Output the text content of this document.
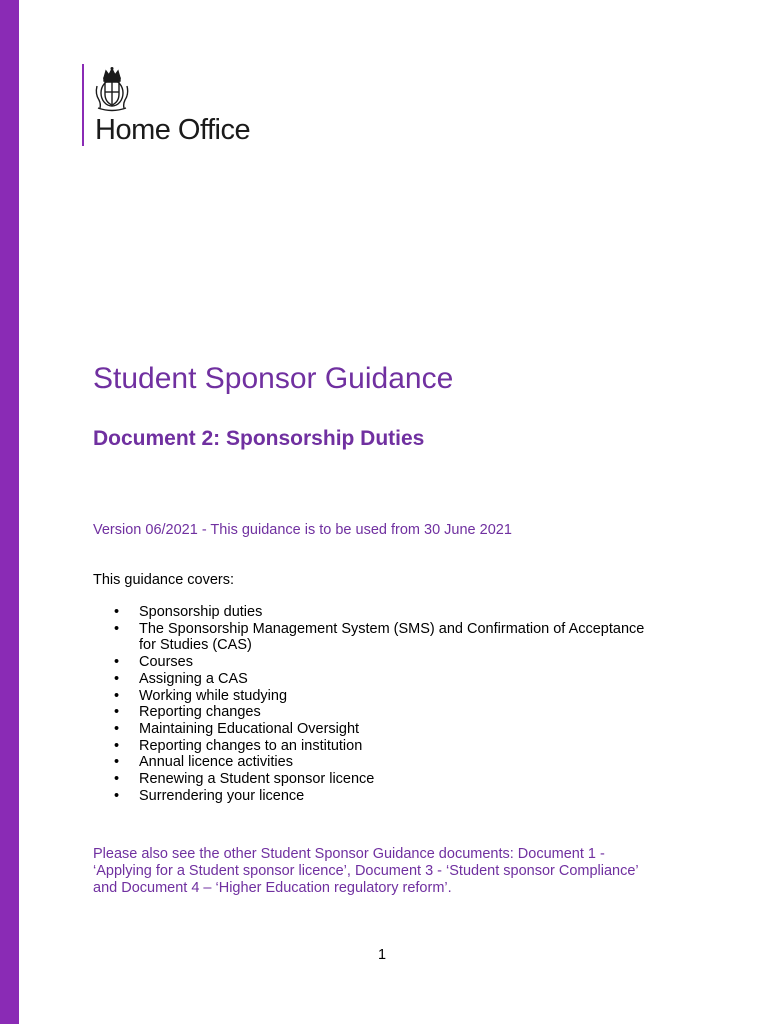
Home Office
Student Sponsor Guidance
Document 2: Sponsorship Duties
Version 06/2021 - This guidance is to be used from 30 June 2021
This guidance covers:
• Sponsorship duties
• The Sponsorship Management System (SMS) and Confirmation of Acceptance for Studies (CAS)
• Courses
• Assigning a CAS
• Working while studying
• Reporting changes
• Maintaining Educational Oversight
• Reporting changes to an institution
• Annual licence activities
• Renewing a Student sponsor licence
• Surrendering your licence
Please also see the other Student Sponsor Guidance documents: Document 1 - ‘Applying for a Student sponsor licence’, Document 3 - ‘Student sponsor Compliance’ and Document 4 – ‘Higher Education regulatory reform’.
1
